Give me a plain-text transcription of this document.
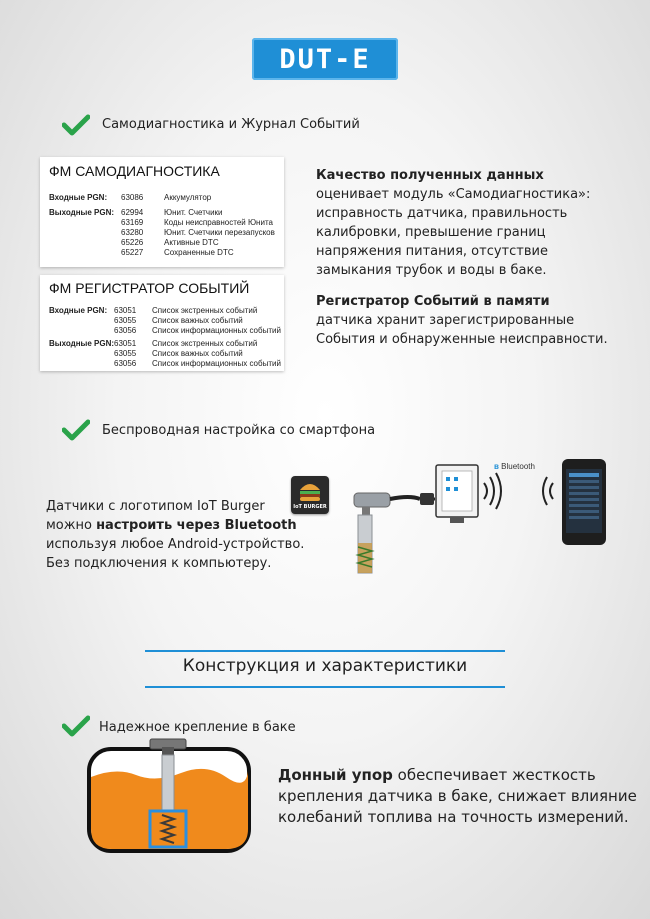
DUT-E
Самодиагностика и Журнал Событий
ФМ САМОДИАГНОСТИКА
Входные PGN: 63086	Аккумулятор
Выходные PGN: 62994	Юнит. Счетчики
63169	Коды неисправностей Юнита
63280	Юнит. Счетчики перезапусков
65226	Активные DTC
65227	Сохраненные DTC
ФМ РЕГИСТРАТОР СОБЫТИЙ
Входные PGN: 63051 Список экстренных событий
63055 Список важных событий
63056 Список информационных событий
Выходные PGN: 63051 Список экстренных событий
63055 Список важных событий
63056 Список информационных событий
Качество полученных данных
оценивает модуль «Самодиагностика»:
исправность датчика, правильность
калибровки, превышение границ
напряжения питания, отсутствие
замыкания трубок и воды в баке.
Регистратор Событий в памяти
датчика хранит зарегистрированные
События и обнаруженные неисправности.
Беспроводная настройка со смартфона
Датчики с логотипом IoT Burger
можно настроить через Bluetooth
используя любое Android-устройство.
Без подключения к компьютеру.
IoT BURGER
ʙ Bluetooth
Конструкция и характеристики
Надежное крепление в баке
Донный упор обеспечивает жесткость
крепления датчика в баке, снижает влияние
колебаний топлива на точность измерений.
